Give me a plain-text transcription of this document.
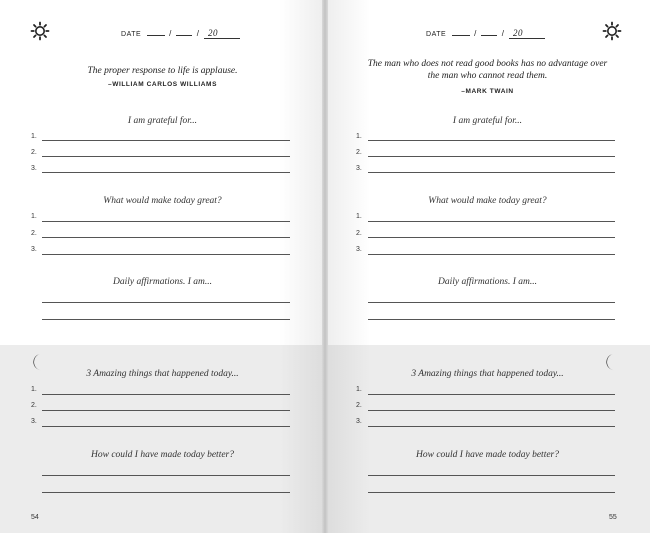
DATE	/	/ 20
The proper response to life is applause.
–WILLIAM CARLOS WILLIAMS
I am grateful for...
1.
2.
3.
What would make today great?
1.
2.
3.
Daily affirmations. I am...
3 Amazing things that happened today...
1.
2.
3.
How could I have made today better?
54
DATE	/	/ 20
The man who does not read good books has no advantage over the man who cannot read them.
–MARK TWAIN
I am grateful for...
1.
2.
3.
What would make today great?
1.
2.
3.
Daily affirmations. I am...
3 Amazing things that happened today...
1.
2.
3.
How could I have made today better?
55
